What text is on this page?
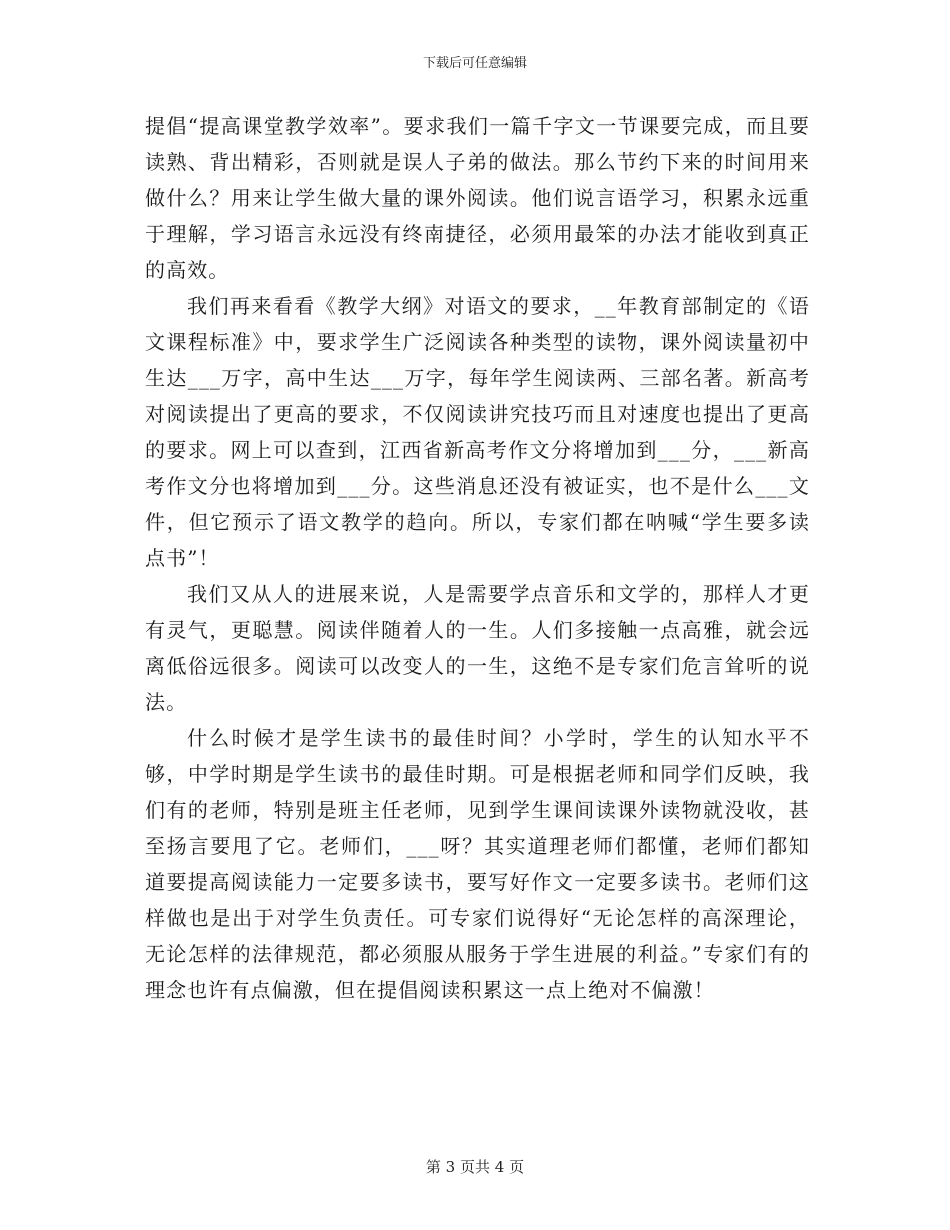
下载后可任意编辑

提倡“提高课堂教学效率”。要求我们一篇千字文一节课要完成，而且要读熟、背出精彩，否则就是误人子弟的做法。那么节约下来的时间用来做什么？用来让学生做大量的课外阅读。他们说言语学习，积累永远重于理解，学习语言永远没有终南捷径，必须用最笨的办法才能收到真正的高效。

我们再来看看《教学大纲》对语文的要求，__年教育部制定的《语文课程标准》中，要求学生广泛阅读各种类型的读物，课外阅读量初中生达___万字，高中生达___万字，每年学生阅读两、三部名著。新高考对阅读提出了更高的要求，不仅阅读讲究技巧而且对速度也提出了更高的要求。网上可以查到，江西省新高考作文分将增加到___分，___新高考作文分也将增加到___分。这些消息还没有被证实，也不是什么___文件，但它预示了语文教学的趋向。所以，专家们都在呐喊“学生要多读点书”！

我们又从人的进展来说，人是需要学点音乐和文学的，那样人才更有灵气，更聪慧。阅读伴随着人的一生。人们多接触一点高雅，就会远离低俗远很多。阅读可以改变人的一生，这绝不是专家们危言耸听的说法。

什么时候才是学生读书的最佳时间？小学时，学生的认知水平不够，中学时期是学生读书的最佳时期。可是根据老师和同学们反映，我们有的老师，特别是班主任老师，见到学生课间读课外读物就没收，甚至扬言要甩了它。老师们，___呀？其实道理老师们都懂，老师们都知道要提高阅读能力一定要多读书，要写好作文一定要多读书。老师们这样做也是出于对学生负责任。可专家们说得好“无论怎样的高深理论，无论怎样的法律规范，都必须服从服务于学生进展的利益。”专家们有的理念也许有点偏激，但在提倡阅读积累这一点上绝对不偏激！

第 3 页共 4 页
